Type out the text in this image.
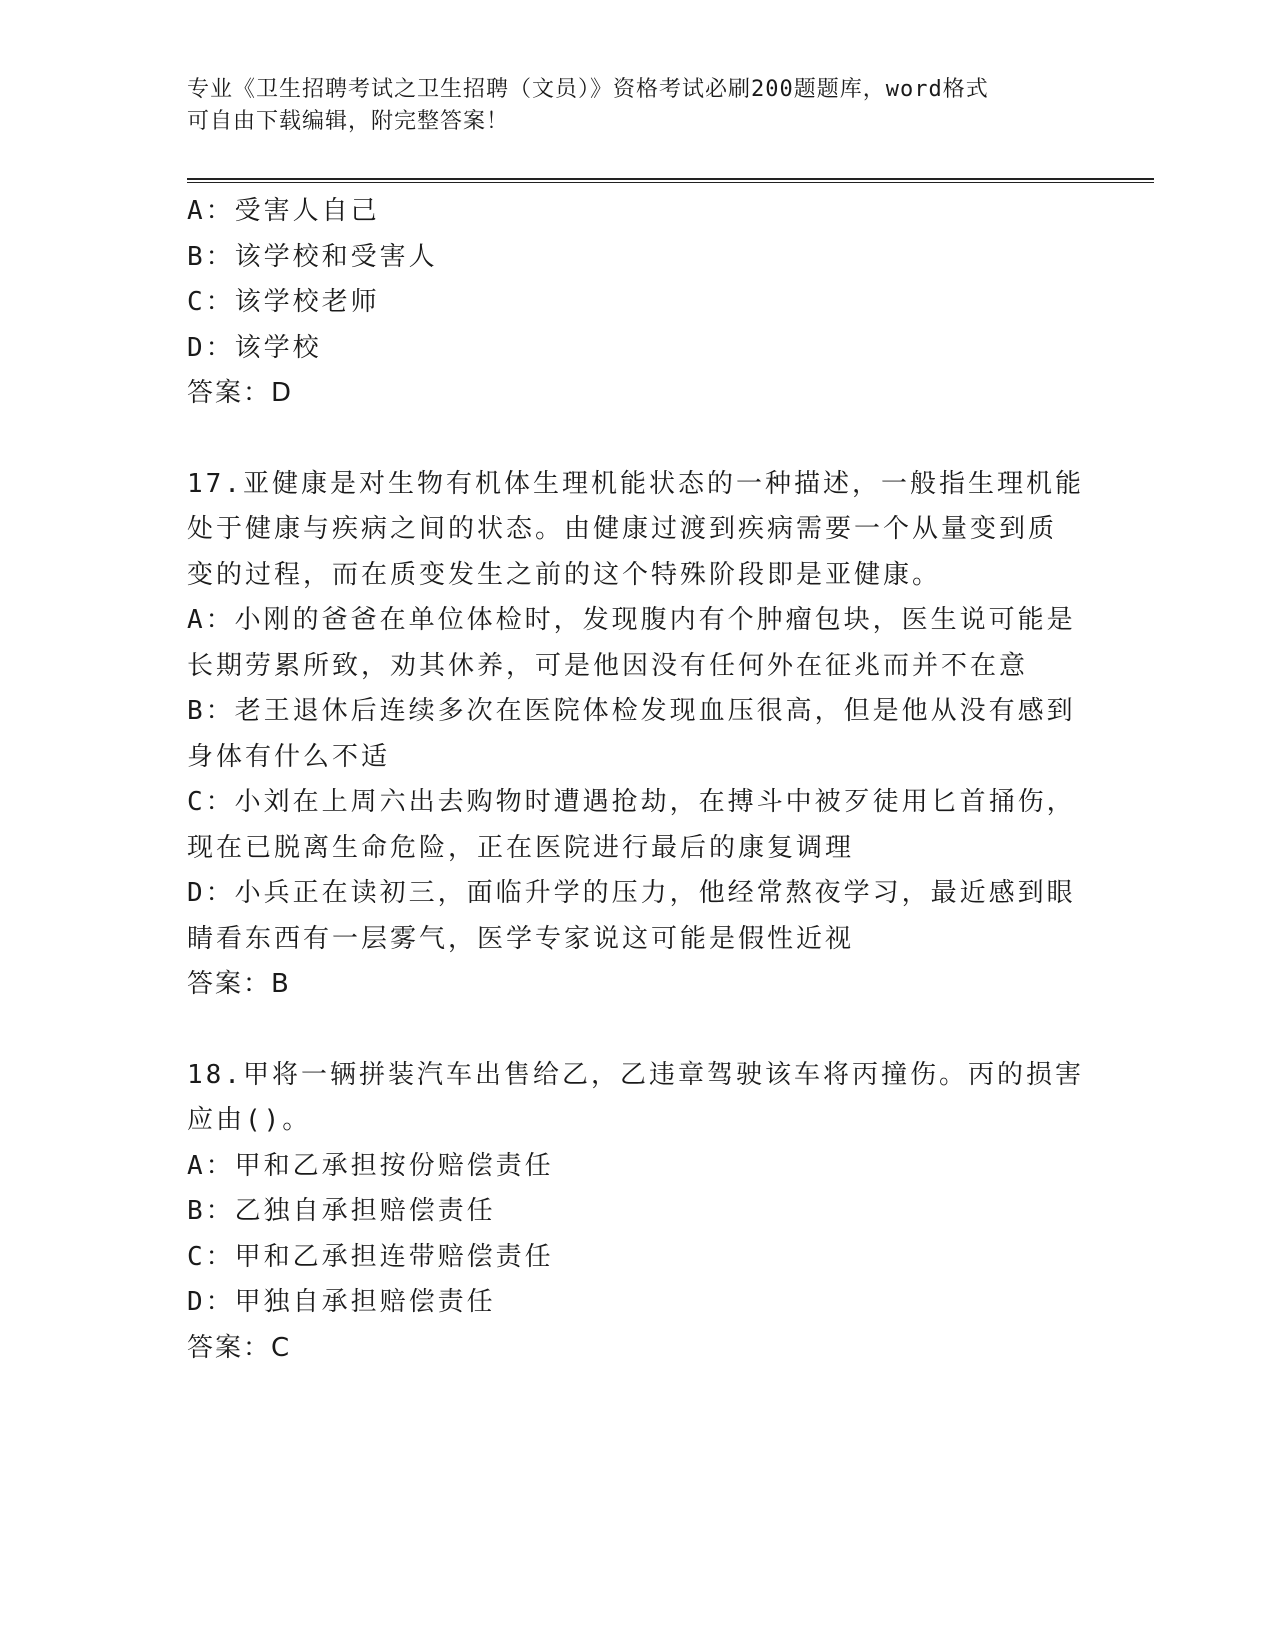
专业《卫生招聘考试之卫生招聘（文员）》资格考试必刷200题题库，word格式
可自由下载编辑，附完整答案！

A：受害人自己

B：该学校和受害人

C：该学校老师

D：该学校

答案：D

17.亚健康是对生物有机体生理机能状态的一种描述，一般指生理机能

处于健康与疾病之间的状态。由健康过渡到疾病需要一个从量变到质

变的过程，而在质变发生之前的这个特殊阶段即是亚健康。

A：小刚的爸爸在单位体检时，发现腹内有个肿瘤包块，医生说可能是

长期劳累所致，劝其休养，可是他因没有任何外在征兆而并不在意

B：老王退休后连续多次在医院体检发现血压很高，但是他从没有感到

身体有什么不适

C：小刘在上周六出去购物时遭遇抢劫，在搏斗中被歹徒用匕首捅伤，

现在已脱离生命危险，正在医院进行最后的康复调理

D：小兵正在读初三，面临升学的压力，他经常熬夜学习，最近感到眼

睛看东西有一层雾气，医学专家说这可能是假性近视

答案：B

18.甲将一辆拼装汽车出售给乙，乙违章驾驶该车将丙撞伤。丙的损害

应由()。

A：甲和乙承担按份赔偿责任

B：乙独自承担赔偿责任

C：甲和乙承担连带赔偿责任

D：甲独自承担赔偿责任

答案：C
